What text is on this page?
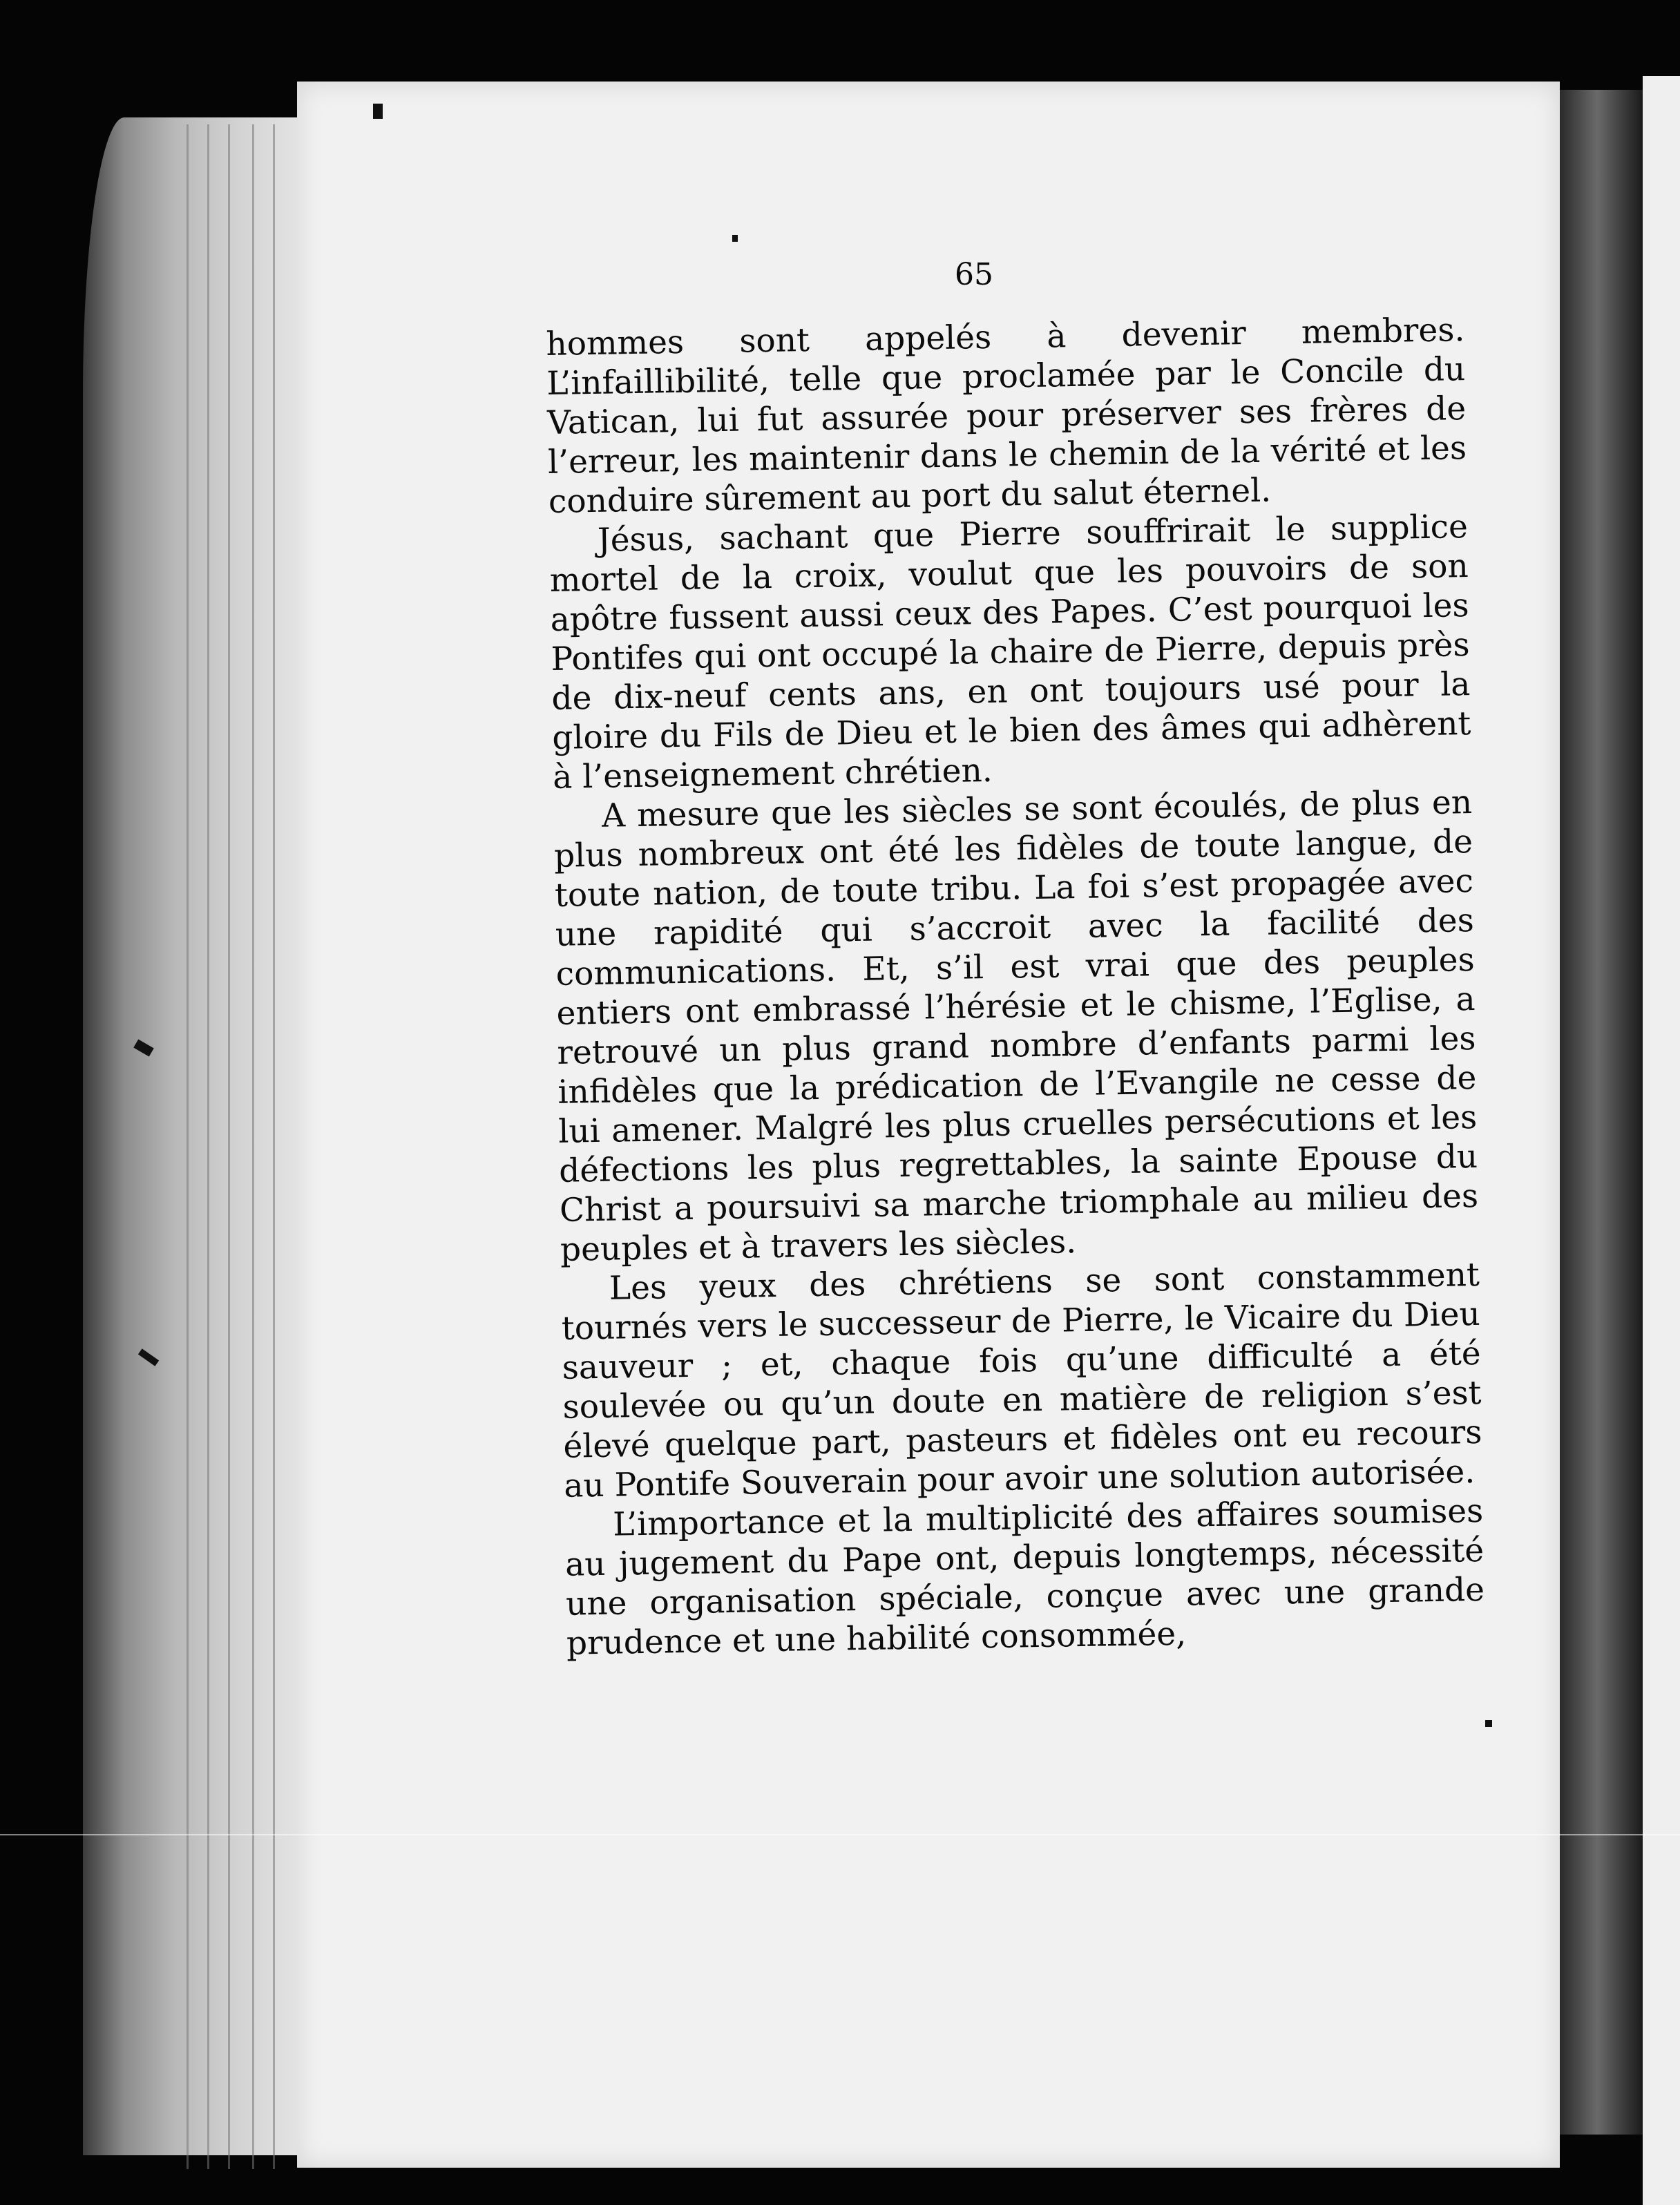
65

hommes sont appelés à devenir membres. L’infaillibilité, telle que proclamée par le Concile du Vatican, lui fut assurée pour préserver ses frères de l’erreur, les maintenir dans le chemin de la vérité et les conduire sûrement au port du salut éternel.

Jésus, sachant que Pierre souffrirait le supplice mortel de la croix, voulut que les pouvoirs de son apôtre fussent aussi ceux des Papes. C’est pourquoi les Pontifes qui ont occupé la chaire de Pierre, depuis près de dix-neuf cents ans, en ont toujours usé pour la gloire du Fils de Dieu et le bien des âmes qui adhèrent à l’enseignement chrétien.

A mesure que les siècles se sont écoulés, de plus en plus nombreux ont été les fidèles de toute langue, de toute nation, de toute tribu. La foi s’est propagée avec une rapidité qui s’accroit avec la facilité des communications. Et, s’il est vrai que des peuples entiers ont embrassé l’hérésie et le chisme, l’Eglise, a retrouvé un plus grand nombre d’enfants parmi les infidèles que la prédication de l’Evangile ne cesse de lui amener. Malgré les plus cruelles persécutions et les défections les plus regrettables, la sainte Epouse du Christ a poursuivi sa marche triomphale au milieu des peuples et à travers les siècles.

Les yeux des chrétiens se sont constamment tournés vers le successeur de Pierre, le Vicaire du Dieu sauveur ; et, chaque fois qu’une difficulté a été soulevée ou qu’un doute en matière de religion s’est élevé quelque part, pasteurs et fidèles ont eu recours au Pontife Souverain pour avoir une solution autorisée.

L’importance et la multiplicité des affaires soumises au jugement du Pape ont, depuis longtemps, nécessité une organisation spéciale, conçue avec une grande prudence et une habilité consommée,
